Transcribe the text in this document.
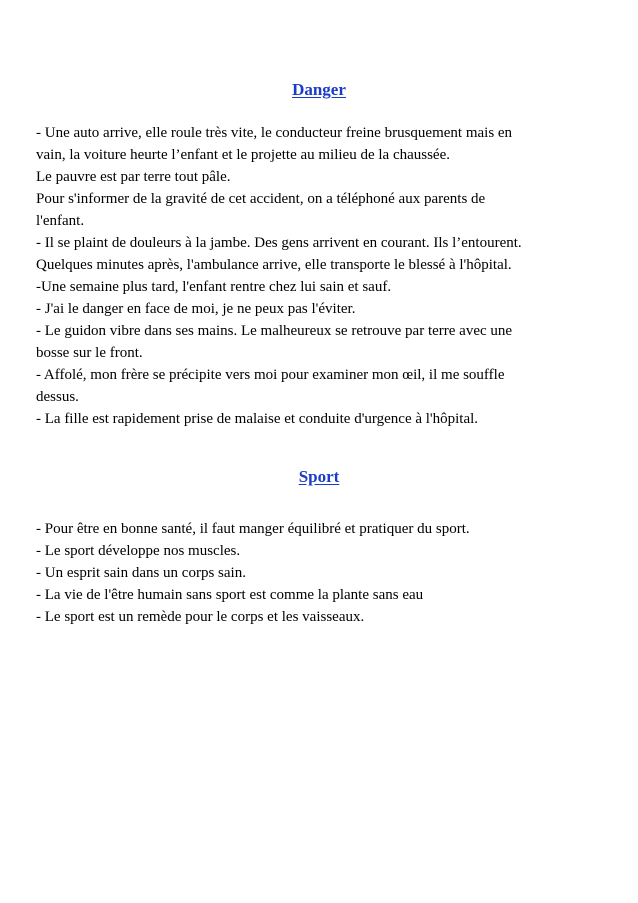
Danger
- Une auto arrive, elle roule très vite, le conducteur freine brusquement mais en
vain, la voiture heurte l’enfant et le projette au milieu de la chaussée.
Le pauvre est par terre tout pâle.
Pour s'informer de la gravité de cet accident, on a téléphoné aux parents de
l'enfant.
- Il se plaint de douleurs à la jambe. Des gens arrivent en courant. Ils l’entourent.
Quelques minutes après, l'ambulance arrive, elle transporte le blessé à l'hôpital.
-Une semaine plus tard, l'enfant rentre chez lui sain et sauf.
- J'ai le danger en face de moi, je ne peux pas l'éviter.
- Le guidon vibre dans ses mains. Le malheureux se retrouve par terre avec une
bosse sur le front.
- Affolé, mon frère se précipite vers moi pour examiner mon œil, il me souffle
dessus.
- La fille est rapidement prise de malaise et conduite d'urgence à l'hôpital.
Sport
- Pour être en bonne santé, il faut manger équilibré et pratiquer du sport.
- Le sport développe nos muscles.
- Un esprit sain dans un corps sain.
- La vie de l'être humain sans sport est comme la plante sans eau
- Le sport est un remède pour le corps et les vaisseaux.
